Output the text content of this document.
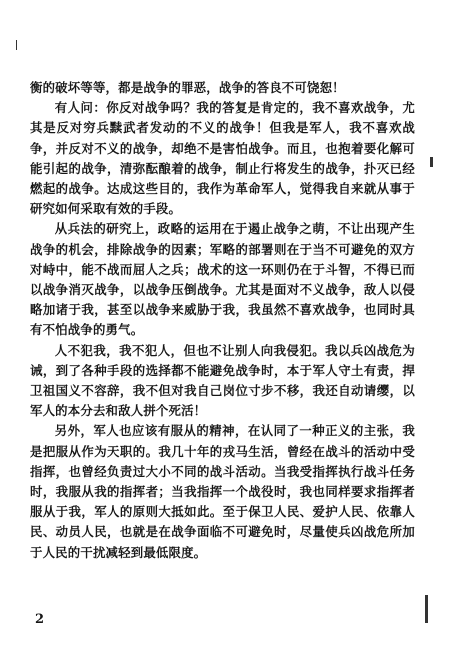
衡的破坏等等，都是战争的罪恶，战争的答良不可饶恕！

有人问：你反对战争吗？我的答复是肯定的，我不喜欢战争，尤其是反对穷兵黩武者发动的不义的战争！但我是军人，我不喜欢战争，并反对不义的战争，却绝不是害怕战争。而且，也抱着要化解可能引起的战争，清弥酝酿着的战争，制止行将发生的战争，扑灭已经燃起的战争。达成这些目的，我作为革命军人，觉得我自来就从事于研究如何采取有效的手段。

从兵法的研究上，政略的运用在于遏止战争之萌，不让出现产生战争的机会，排除战争的因素；军略的部署则在于当不可避免的双方对峙中，能不战而屈人之兵；战术的这一环则仍在于斗智，不得已而以战争消灭战争，以战争压倒战争。尤其是面对不义战争，敌人以侵略加诸于我，甚至以战争来威胁于我，我虽然不喜欢战争，也同时具有不怕战争的勇气。

人不犯我，我不犯人，但也不让别人向我侵犯。我以兵凶战危为诫，到了各种手段的选择都不能避免战争时，本于军人守土有责，捍卫祖国义不容辞，我不但对我自己岗位寸步不移，我还自动请缨，以军人的本分去和敌人拼个死活！

另外，军人也应该有服从的精神，在认同了一种正义的主张，我是把服从作为天职的。我几十年的戎马生活，曾经在战斗的活动中受指挥，也曾经负责过大小不同的战斗活动。当我受指挥执行战斗任务时，我服从我的指挥者；当我指挥一个战役时，我也同样要求指挥者服从于我，军人的原则大抵如此。至于保卫人民、爱护人民、依靠人民、动员人民，也就是在战争面临不可避免时，尽量使兵凶战危所加于人民的干扰减轻到最低限度。

2
